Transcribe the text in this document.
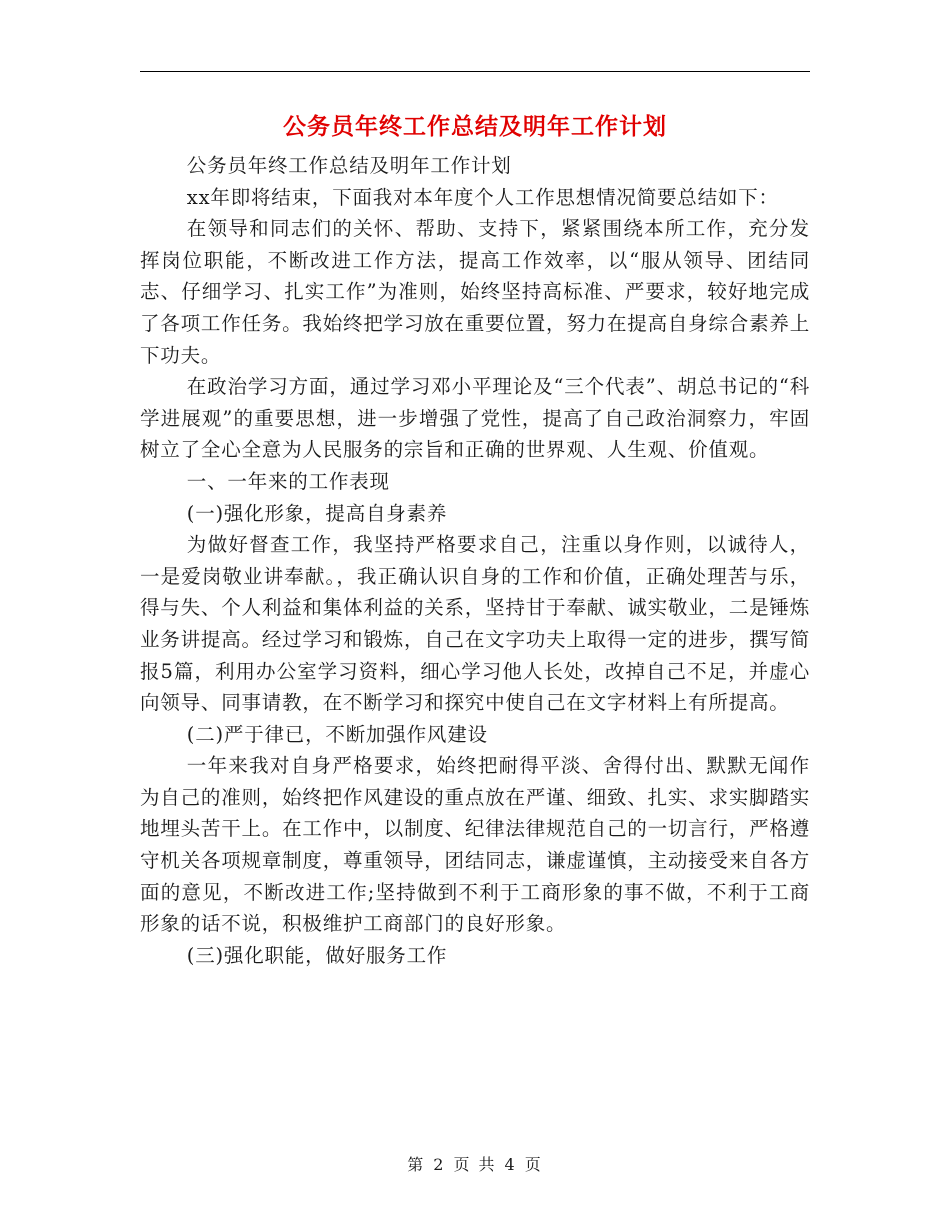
公务员年终工作总结及明年工作计划

公务员年终工作总结及明年工作计划

xx年即将结束，下面我对本年度个人工作思想情况简要总结如下：

在领导和同志们的关怀、帮助、支持下，紧紧围绕本所工作，充分发挥岗位职能，不断改进工作方法，提高工作效率，以“服从领导、团结同志、仔细学习、扎实工作”为准则，始终坚持高标准、严要求，较好地完成了各项工作任务。我始终把学习放在重要位置，努力在提高自身综合素养上下功夫。

在政治学习方面，通过学习邓小平理论及“三个代表”、胡总书记的“科学进展观”的重要思想，进一步增强了党性，提高了自己政治洞察力，牢固树立了全心全意为人民服务的宗旨和正确的世界观、人生观、价值观。

一、一年来的工作表现

(一)强化形象，提高自身素养

为做好督查工作，我坚持严格要求自己，注重以身作则，以诚待人，一是爱岗敬业讲奉献。，我正确认识自身的工作和价值，正确处理苦与乐，得与失、个人利益和集体利益的关系，坚持甘于奉献、诚实敬业，二是锤炼业务讲提高。经过学习和锻炼，自己在文字功夫上取得一定的进步，撰写简报5篇，利用办公室学习资料，细心学习他人长处，改掉自己不足，并虚心向领导、同事请教，在不断学习和探究中使自己在文字材料上有所提高。

(二)严于律已，不断加强作风建设

一年来我对自身严格要求，始终把耐得平淡、舍得付出、默默无闻作为自己的准则，始终把作风建设的重点放在严谨、细致、扎实、求实脚踏实地埋头苦干上。在工作中，以制度、纪律法律规范自己的一切言行，严格遵守机关各项规章制度，尊重领导，团结同志，谦虚谨慎，主动接受来自各方面的意见，不断改进工作;坚持做到不利于工商形象的事不做，不利于工商形象的话不说，积极维护工商部门的良好形象。

(三)强化职能，做好服务工作

第 2 页 共 4 页
